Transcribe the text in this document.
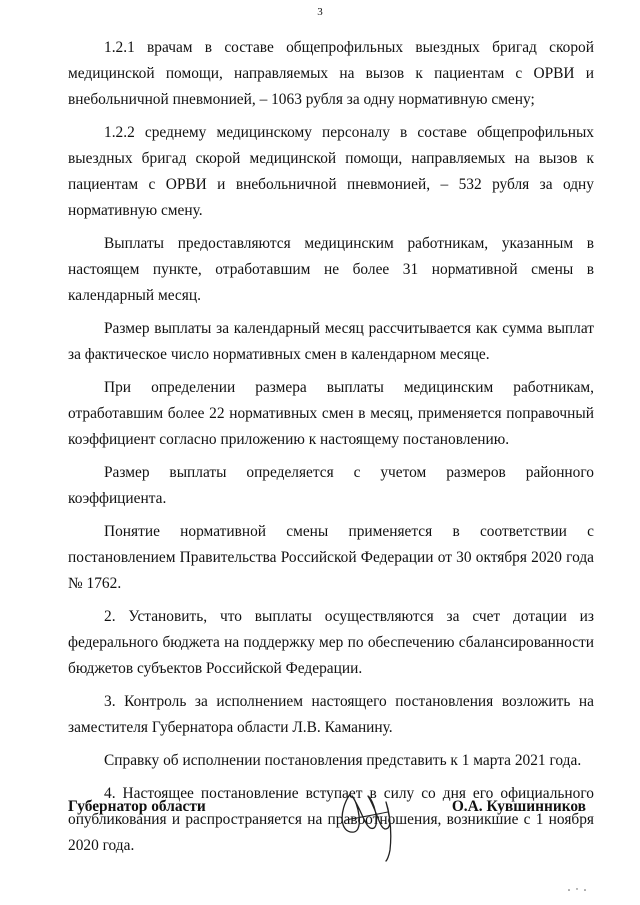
3

1.2.1 врачам в составе общепрофильных выездных бригад скорой медицинской помощи, направляемых на вызов к пациентам с ОРВИ и внебольничной пневмонией, – 1063 рубля за одну нормативную смену;

1.2.2 среднему медицинскому персоналу в составе общепрофильных выездных бригад скорой медицинской помощи, направляемых на вызов к пациентам с ОРВИ и внебольничной пневмонией, – 532 рубля за одну нормативную смену.

Выплаты предоставляются медицинским работникам, указанным в настоящем пункте, отработавшим не более 31 нормативной смены в календарный месяц.

Размер выплаты за календарный месяц рассчитывается как сумма выплат за фактическое число нормативных смен в календарном месяце.

При определении размера выплаты медицинским работникам, отработавшим более 22 нормативных смен в месяц, применяется поправочный коэффициент согласно приложению к настоящему постановлению.

Размер выплаты определяется с учетом размеров районного коэффициента.

Понятие нормативной смены применяется в соответствии с постановлением Правительства Российской Федерации от 30 октября 2020 года № 1762.

2. Установить, что выплаты осуществляются за счет дотации из федерального бюджета на поддержку мер по обеспечению сбалансированности бюджетов субъектов Российской Федерации.

3. Контроль за исполнением настоящего постановления возложить на заместителя Губернатора области Л.В. Каманину.

Справку об исполнении постановления представить к 1 марта 2021 года.

4. Настоящее постановление вступает в силу со дня его официального опубликования и распространяется на правоотношения, возникшие с 1 ноября 2020 года.

Губернатор области	О.А. Кувшинников
